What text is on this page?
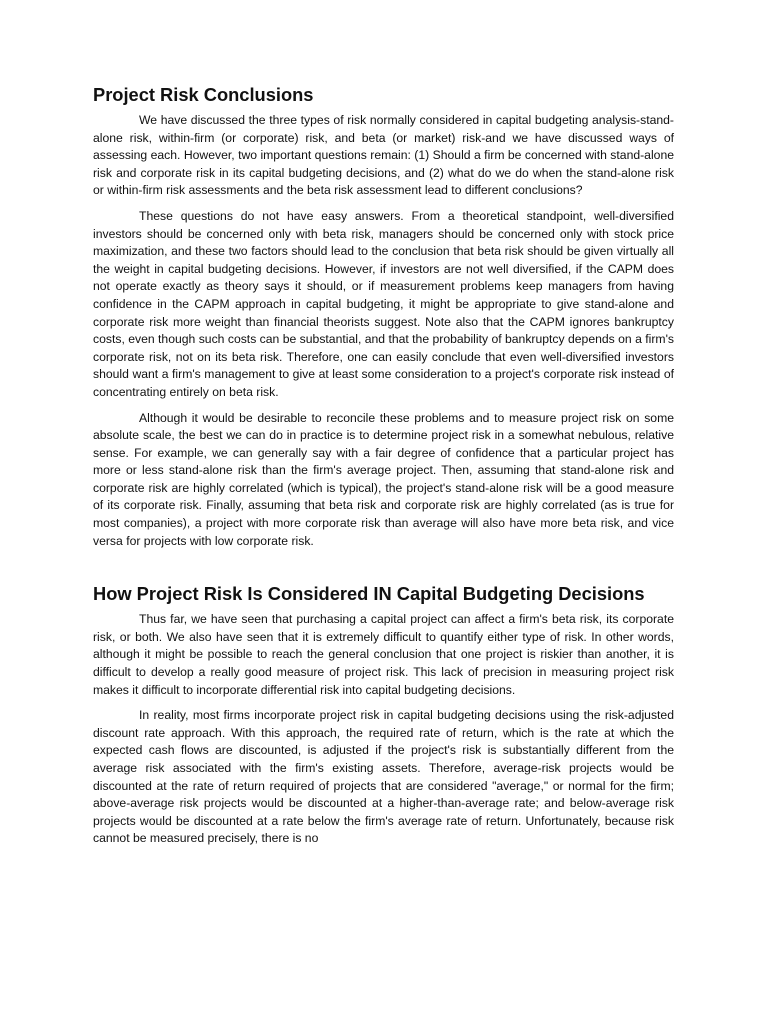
Project Risk Conclusions

We have discussed the three types of risk normally considered in capital budgeting analysis-stand-alone risk, within-firm (or corporate) risk, and beta (or market) risk-and we have discussed ways of assessing each. However, two important questions remain: (1) Should a firm be concerned with stand-alone risk and corporate risk in its capital budgeting decisions, and (2) what do we do when the stand-alone risk or within-firm risk assessments and the beta risk assessment lead to different conclusions?

These questions do not have easy answers. From a theoretical standpoint, well-diversified investors should be concerned only with beta risk, managers should be concerned only with stock price maximization, and these two factors should lead to the conclusion that beta risk should be given virtually all the weight in capital budgeting decisions. However, if investors are not well diversified, if the CAPM does not operate exactly as theory says it should, or if measurement problems keep managers from having confidence in the CAPM approach in capital budgeting, it might be appropriate to give stand-alone and corporate risk more weight than financial theorists suggest. Note also that the CAPM ignores bankruptcy costs, even though such costs can be substantial, and that the probability of bankruptcy depends on a firm's corporate risk, not on its beta risk. Therefore, one can easily conclude that even well-diversified investors should want a firm's management to give at least some consideration to a project's corporate risk instead of concentrating entirely on beta risk.

Although it would be desirable to reconcile these problems and to measure project risk on some absolute scale, the best we can do in practice is to determine project risk in a somewhat nebulous, relative sense. For example, we can generally say with a fair degree of confidence that a particular project has more or less stand-alone risk than the firm's average project. Then, assuming that stand-alone risk and corporate risk are highly correlated (which is typical), the project's stand-alone risk will be a good measure of its corporate risk. Finally, assuming that beta risk and corporate risk are highly correlated (as is true for most companies), a project with more corporate risk than average will also have more beta risk, and vice versa for projects with low corporate risk.

How Project Risk Is Considered IN Capital Budgeting Decisions

Thus far, we have seen that purchasing a capital project can affect a firm's beta risk, its corporate risk, or both. We also have seen that it is extremely difficult to quantify either type of risk. In other words, although it might be possible to reach the general conclusion that one project is riskier than another, it is difficult to develop a really good measure of project risk. This lack of precision in measuring project risk makes it difficult to incorporate differential risk into capital budgeting decisions.

In reality, most firms incorporate project risk in capital budgeting decisions using the risk-adjusted discount rate approach. With this approach, the required rate of return, which is the rate at which the expected cash flows are discounted, is adjusted if the project's risk is substantially different from the average risk associated with the firm's existing assets. Therefore, average-risk projects would be discounted at the rate of return required of projects that are considered "average," or normal for the firm; above-average risk projects would be discounted at a higher-than-average rate; and below-average risk projects would be discounted at a rate below the firm's average rate of return. Unfortunately, because risk cannot be measured precisely, there is no
